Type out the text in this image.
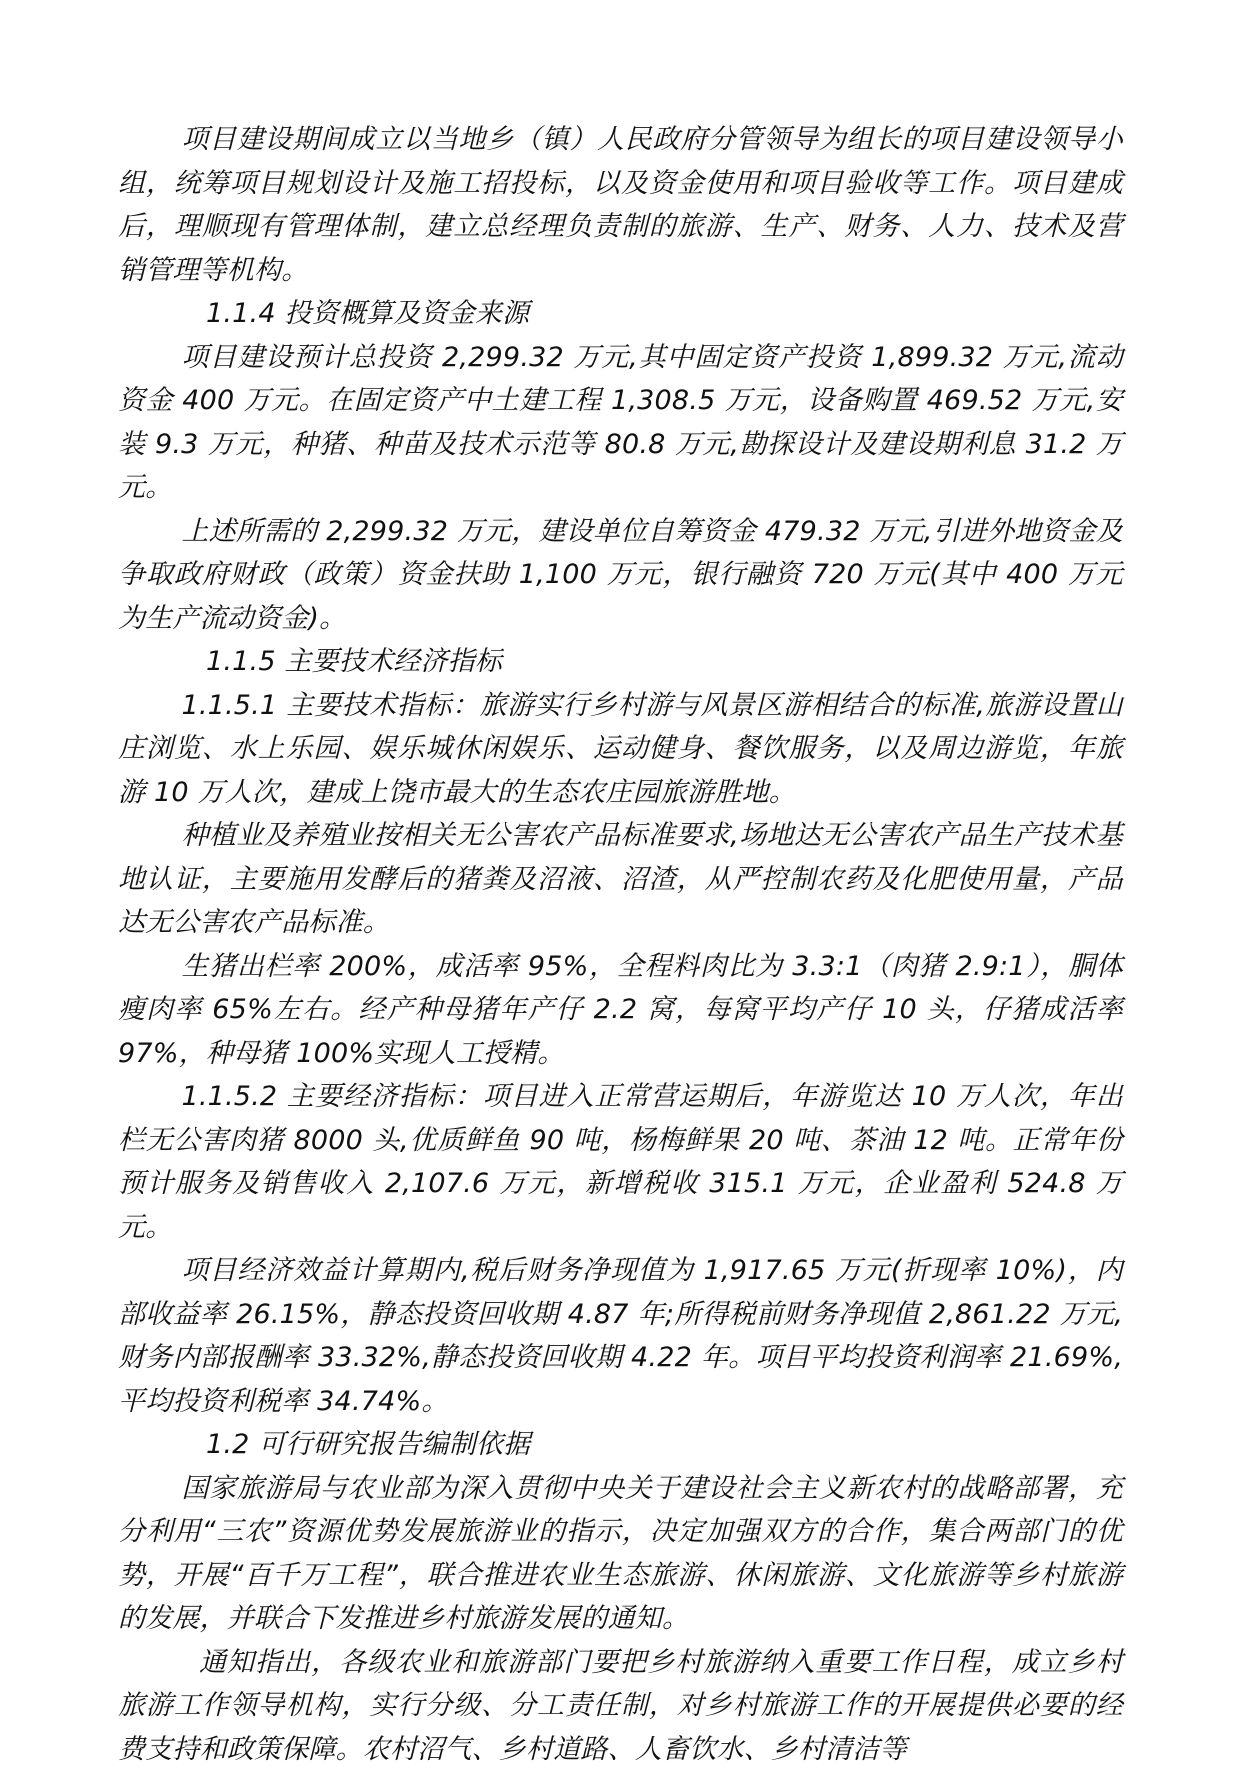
项目建设期间成立以当地乡（镇）人民政府分管领导为组长的项目建设领导小组，统筹项目规划设计及施工招投标，以及资金使用和项目验收等工作。项目建成后，理顺现有管理体制，建立总经理负责制的旅游、生产、财务、人力、技术及营销管理等机构。

1.1.4 投资概算及资金来源

项目建设预计总投资 2,299.32 万元,其中固定资产投资 1,899.32 万元,流动资金 400 万元。在固定资产中土建工程 1,308.5 万元，设备购置 469.52 万元,安装 9.3 万元，种猪、种苗及技术示范等 80.8 万元,勘探设计及建设期利息 31.2 万元。

上述所需的 2,299.32 万元，建设单位自筹资金 479.32 万元,引进外地资金及争取政府财政（政策）资金扶助 1,100 万元，银行融资 720 万元(其中 400 万元为生产流动资金)。

1.1.5 主要技术经济指标

1.1.5.1 主要技术指标：旅游实行乡村游与风景区游相结合的标准,旅游设置山庄浏览、水上乐园、娱乐城休闲娱乐、运动健身、餐饮服务，以及周边游览，年旅游 10 万人次，建成上饶市最大的生态农庄园旅游胜地。

种植业及养殖业按相关无公害农产品标准要求,场地达无公害农产品生产技术基地认证，主要施用发酵后的猪粪及沼液、沼渣，从严控制农药及化肥使用量，产品达无公害农产品标准。

生猪出栏率 200%，成活率 95%，全程料肉比为 3.3:1（肉猪 2.9:1），胴体瘦肉率 65%左右。经产种母猪年产仔 2.2 窝，每窝平均产仔 10 头，仔猪成活率 97%，种母猪 100%实现人工授精。

1.1.5.2 主要经济指标：项目进入正常营运期后，年游览达 10 万人次，年出栏无公害肉猪 8000 头,优质鲜鱼 90 吨，杨梅鲜果 20 吨、茶油 12 吨。正常年份预计服务及销售收入 2,107.6 万元，新增税收 315.1 万元，企业盈利 524.8 万元。

项目经济效益计算期内,税后财务净现值为 1,917.65 万元(折现率 10%)，内部收益率 26.15%，静态投资回收期 4.87 年;所得税前财务净现值 2,861.22 万元,财务内部报酬率 33.32%,静态投资回收期 4.22 年。项目平均投资利润率 21.69%,平均投资利税率 34.74%。

1.2 可行研究报告编制依据

国家旅游局与农业部为深入贯彻中央关于建设社会主义新农村的战略部署，充分利用“三农”资源优势发展旅游业的指示，决定加强双方的合作，集合两部门的优势，开展“百千万工程”，联合推进农业生态旅游、休闲旅游、文化旅游等乡村旅游的发展，并联合下发推进乡村旅游发展的通知。

通知指出，各级农业和旅游部门要把乡村旅游纳入重要工作日程，成立乡村旅游工作领导机构，实行分级、分工责任制，对乡村旅游工作的开展提供必要的经费支持和政策保障。农村沼气、乡村道路、人畜饮水、乡村清洁等
